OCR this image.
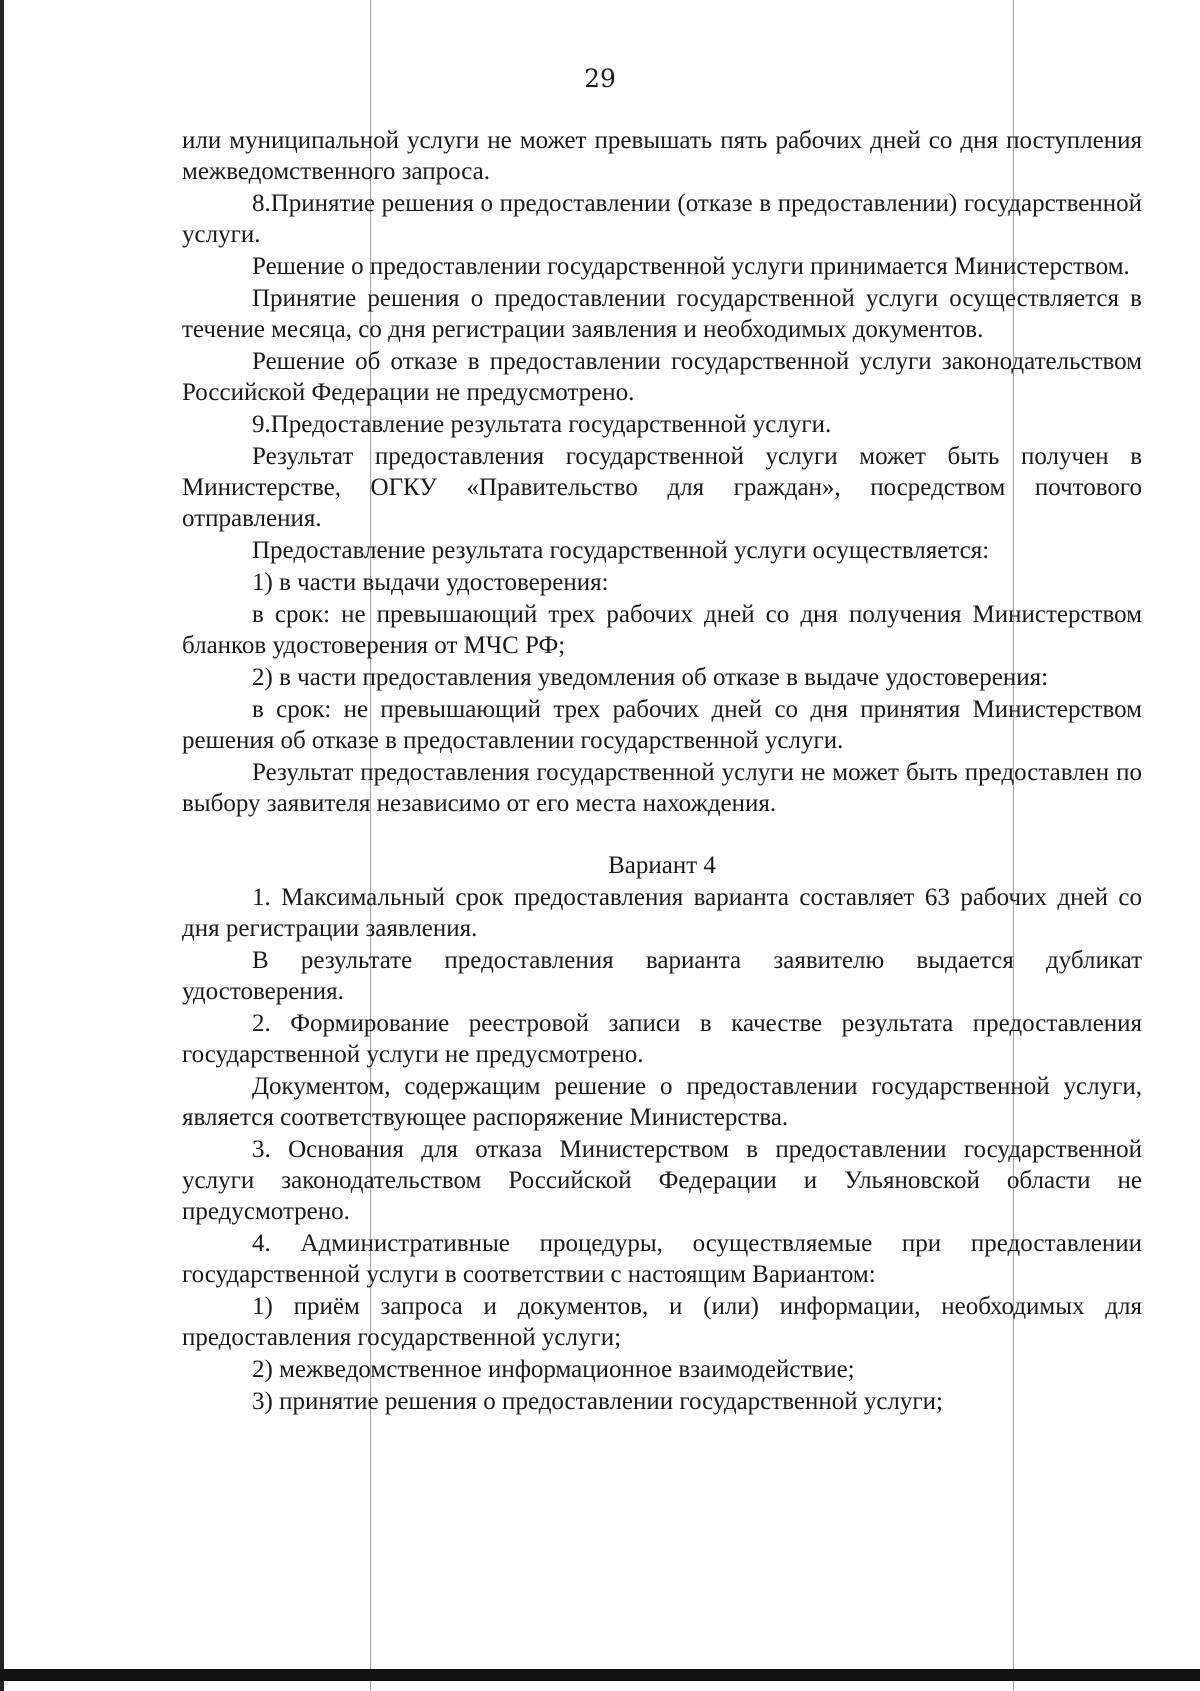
29

или муниципальной услуги не может превышать пять рабочих дней со дня поступления межведомственного запроса.

8.Принятие решения о предоставлении (отказе в предоставлении) государственной услуги.

Решение о предоставлении государственной услуги принимается Министерством.

Принятие решения о предоставлении государственной услуги осуществляется в течение месяца, со дня регистрации заявления и необходимых документов.

Решение об отказе в предоставлении государственной услуги законодательством Российской Федерации не предусмотрено.

9.Предоставление результата государственной услуги.

Результат предоставления государственной услуги может быть получен в Министерстве, ОГКУ «Правительство для граждан», посредством почтового отправления.

Предоставление результата государственной услуги осуществляется:

1) в части выдачи удостоверения:

в срок: не превышающий трех рабочих дней со дня получения Министерством бланков удостоверения от МЧС РФ;

2) в части предоставления уведомления об отказе в выдаче удостоверения:

в срок: не превышающий трех рабочих дней со дня принятия Министерством решения об отказе в предоставлении государственной услуги.

Результат предоставления государственной услуги не может быть предоставлен по выбору заявителя независимо от его места нахождения.

Вариант 4

1. Максимальный срок предоставления варианта составляет 63 рабочих дней со дня регистрации заявления.

В результате предоставления варианта заявителю выдается дубликат удостоверения.

2. Формирование реестровой записи в качестве результата предоставления государственной услуги не предусмотрено.

Документом, содержащим решение о предоставлении государственной услуги, является соответствующее распоряжение Министерства.

3. Основания для отказа Министерством в предоставлении государственной услуги законодательством Российской Федерации и Ульяновской области не предусмотрено.

4. Административные процедуры, осуществляемые при предоставлении государственной услуги в соответствии с настоящим Вариантом:

1) приём запроса и документов, и (или) информации, необходимых для предоставления государственной услуги;

2) межведомственное информационное взаимодействие;

3) принятие решения о предоставлении государственной услуги;
